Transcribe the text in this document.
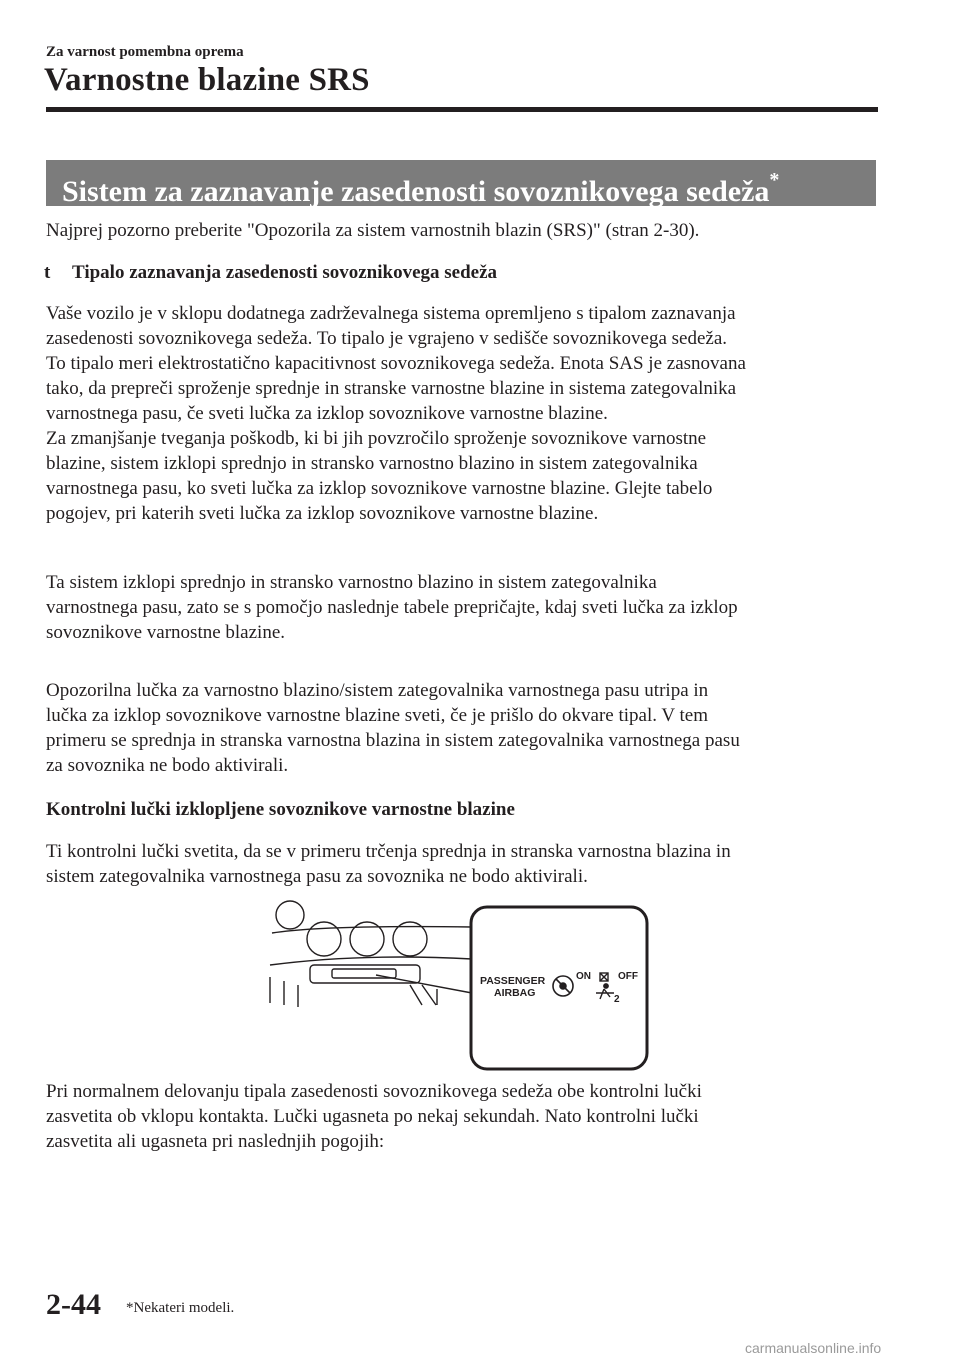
Za varnost pomembna oprema
Varnostne blazine SRS
Sistem za zaznavanje zasedenosti sovoznikovega sedeža*
Najprej pozorno preberite "Opozorila za sistem varnostnih blazin (SRS)" (stran 2-30).
t Tipalo zaznavanja zasedenosti sovoznikovega sedeža

Vaše vozilo je v sklopu dodatnega zadrževalnega sistema opremljeno s tipalom zaznavanja
zasedenosti sovoznikovega sedeža. To tipalo je vgrajeno v sedišče sovoznikovega sedeža.
To tipalo meri elektrostatično kapacitivnost sovoznikovega sedeža. Enota SAS je zasnovana
tako, da prepreči sproženje sprednje in stranske varnostne blazine in sistema zategovalnika
varnostnega pasu, če sveti lučka za izklop sovoznikove varnostne blazine.
Za zmanjšanje tveganja poškodb, ki bi jih povzročilo sproženje sovoznikove varnostne
blazine, sistem izklopi sprednjo in stransko varnostno blazino in sistem zategovalnika
varnostnega pasu, ko sveti lučka za izklop sovoznikove varnostne blazine. Glejte tabelo
pogojev, pri katerih sveti lučka za izklop sovoznikove varnostne blazine.

Ta sistem izklopi sprednjo in stransko varnostno blazino in sistem zategovalnika
varnostnega pasu, zato se s pomočjo naslednje tabele prepričajte, kdaj sveti lučka za izklop
sovoznikove varnostne blazine.

Opozorilna lučka za varnostno blazino/sistem zategovalnika varnostnega pasu utripa in
lučka za izklop sovoznikove varnostne blazine sveti, če je prišlo do okvare tipal. V tem
primeru se sprednja in stranska varnostna blazina in sistem zategovalnika varnostnega pasu
za sovoznika ne bodo aktivirali.

Kontrolni lučki izklopljene sovoznikove varnostne blazine

Ti kontrolni lučki svetita, da se v primeru trčenja sprednja in stranska varnostna blazina in
sistem zategovalnika varnostnega pasu za sovoznika ne bodo aktivirali.

PASSENGER
AIRBAG
ON	OFF
2

Pri normalnem delovanju tipala zasedenosti sovoznikovega sedeža obe kontrolni lučki
zasvetita ob vklopu kontakta. Lučki ugasneta po nekaj sekundah. Nato kontrolni lučki
zasvetita ali ugasneta pri naslednjih pogojih:

2-44 *Nekateri modeli.
carmanualsonline.info
